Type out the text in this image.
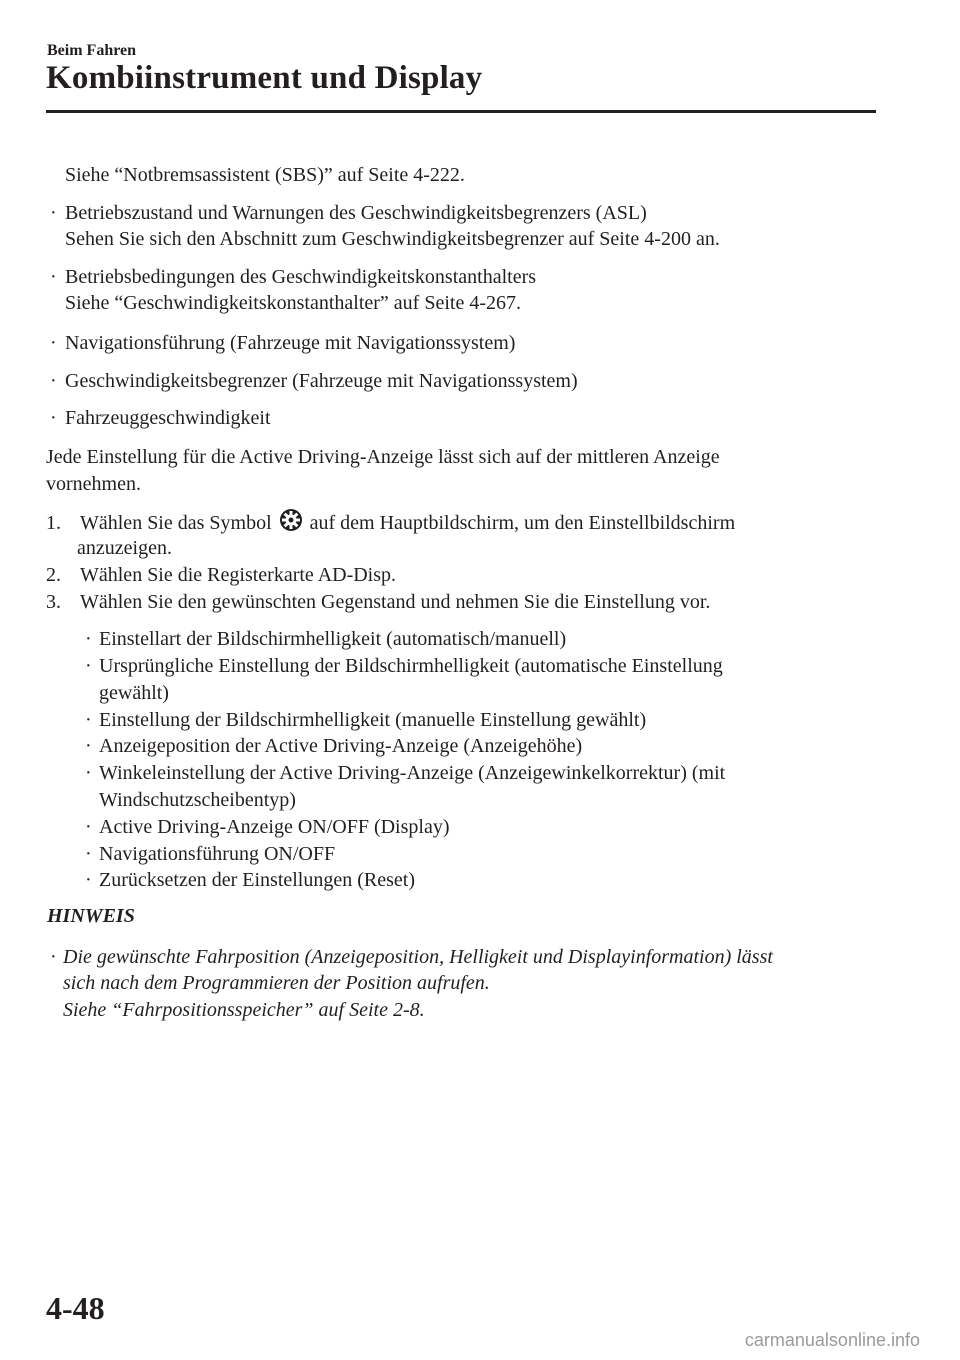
Beim Fahren
Kombiinstrument und Display
Siehe “Notbremsassistent (SBS)” auf Seite 4-222.
· Betriebszustand und Warnungen des Geschwindigkeitsbegrenzers (ASL)
Sehen Sie sich den Abschnitt zum Geschwindigkeitsbegrenzer auf Seite 4-200 an.
· Betriebsbedingungen des Geschwindigkeitskonstanthalters
Siehe “Geschwindigkeitskonstanthalter” auf Seite 4-267.
· Navigationsführung (Fahrzeuge mit Navigationssystem)
· Geschwindigkeitsbegrenzer (Fahrzeuge mit Navigationssystem)
· Fahrzeuggeschwindigkeit
Jede Einstellung für die Active Driving-Anzeige lässt sich auf der mittleren Anzeige
vornehmen.
1. Wählen Sie das Symbol auf dem Hauptbildschirm, um den Einstellbildschirm
anzuzeigen.
2. Wählen Sie die Registerkarte AD-Disp.
3. Wählen Sie den gewünschten Gegenstand und nehmen Sie die Einstellung vor.
· Einstellart der Bildschirmhelligkeit (automatisch/manuell)
· Ursprüngliche Einstellung der Bildschirmhelligkeit (automatische Einstellung
gewählt)
· Einstellung der Bildschirmhelligkeit (manuelle Einstellung gewählt)
· Anzeigeposition der Active Driving-Anzeige (Anzeigehöhe)
· Winkeleinstellung der Active Driving-Anzeige (Anzeigewinkelkorrektur) (mit
Windschutzscheibentyp)
· Active Driving-Anzeige ON/OFF (Display)
· Navigationsführung ON/OFF
· Zurücksetzen der Einstellungen (Reset)
HINWEIS
· Die gewünschte Fahrposition (Anzeigeposition, Helligkeit und Displayinformation) lässt
sich nach dem Programmieren der Position aufrufen.
Siehe “Fahrpositionsspeicher” auf Seite 2-8.
4-48
carmanualsonline.info
